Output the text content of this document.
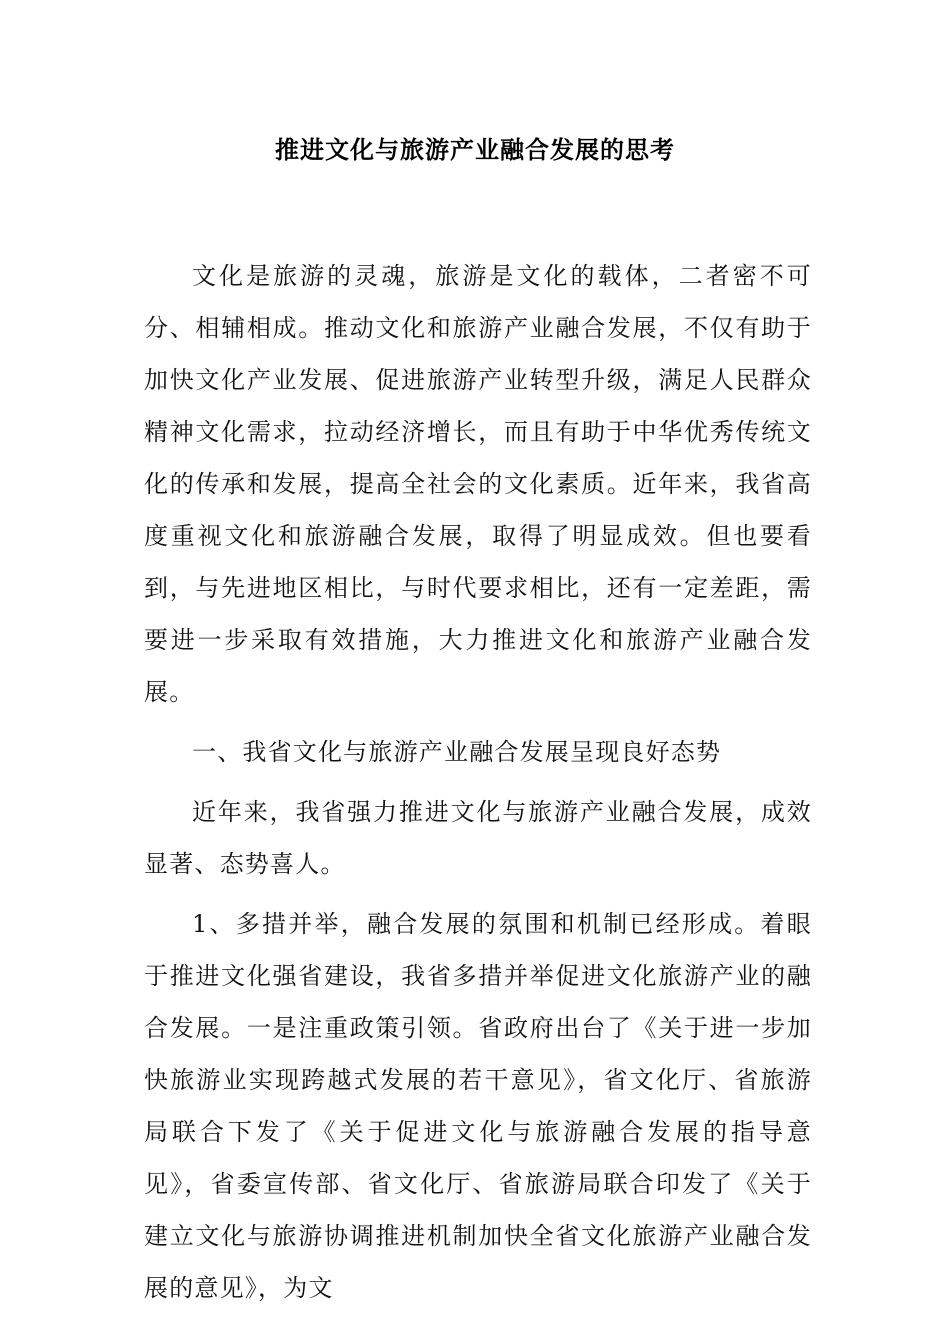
推进文化与旅游产业融合发展的思考

文化是旅游的灵魂，旅游是文化的载体，二者密不可分、相辅相成。推动文化和旅游产业融合发展，不仅有助于加快文化产业发展、促进旅游产业转型升级，满足人民群众精神文化需求，拉动经济增长，而且有助于中华优秀传统文化的传承和发展，提高全社会的文化素质。近年来，我省高度重视文化和旅游融合发展，取得了明显成效。但也要看到，与先进地区相比，与时代要求相比，还有一定差距，需要进一步采取有效措施，大力推进文化和旅游产业融合发展。

一、我省文化与旅游产业融合发展呈现良好态势

近年来，我省强力推进文化与旅游产业融合发展，成效显著、态势喜人。

1、多措并举，融合发展的氛围和机制已经形成。着眼于推进文化强省建设，我省多措并举促进文化旅游产业的融合发展。一是注重政策引领。省政府出台了《关于进一步加快旅游业实现跨越式发展的若干意见》，省文化厅、省旅游局联合下发了《关于促进文化与旅游融合发展的指导意见》，省委宣传部、省文化厅、省旅游局联合印发了《关于建立文化与旅游协调推进机制加快全省文化旅游产业融合发展的意见》，为文
